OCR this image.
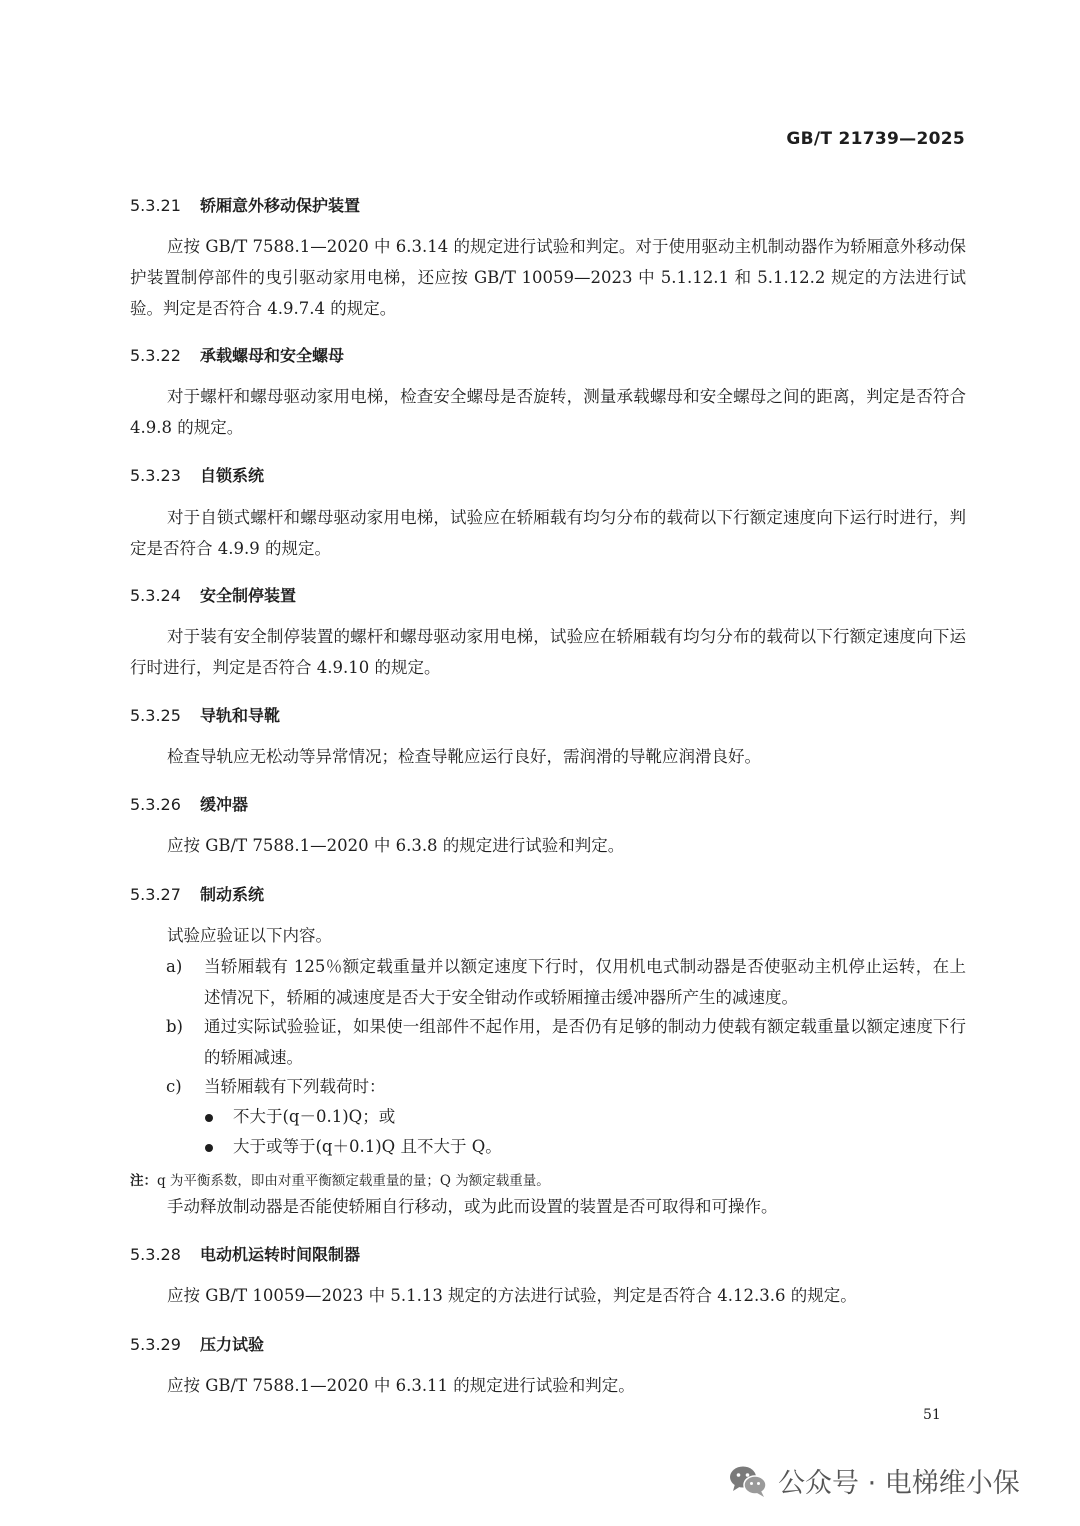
GB/T 21739—2025
5.3.21 轿厢意外移动保护装置
应按 GB/T 7588.1—2020 中 6.3.14 的规定进行试验和判定。对于使用驱动主机制动器作为轿厢意外移动保护装置制停部件的曳引驱动家用电梯，还应按 GB/T 10059—2023 中 5.1.12.1 和 5.1.12.2 规定的方法进行试验。判定是否符合 4.9.7.4 的规定。
5.3.22 承载螺母和安全螺母
对于螺杆和螺母驱动家用电梯，检查安全螺母是否旋转，测量承载螺母和安全螺母之间的距离，判定是否符合 4.9.8 的规定。
5.3.23 自锁系统
对于自锁式螺杆和螺母驱动家用电梯，试验应在轿厢载有均匀分布的载荷以下行额定速度向下运行时进行，判定是否符合 4.9.9 的规定。
5.3.24 安全制停装置
对于装有安全制停装置的螺杆和螺母驱动家用电梯，试验应在轿厢载有均匀分布的载荷以下行额定速度向下运行时进行，判定是否符合 4.9.10 的规定。
5.3.25 导轨和导靴
检查导轨应无松动等异常情况；检查导靴应运行良好，需润滑的导靴应润滑良好。
5.3.26 缓冲器
应按 GB/T 7588.1—2020 中 6.3.8 的规定进行试验和判定。
5.3.27 制动系统
试验应验证以下内容。
a) 当轿厢载有 125％额定载重量并以额定速度下行时，仅用机电式制动器是否使驱动主机停止运转，在上述情况下，轿厢的减速度是否大于安全钳动作或轿厢撞击缓冲器所产生的减速度。
b) 通过实际试验验证，如果使一组部件不起作用，是否仍有足够的制动力使载有额定载重量以额定速度下行的轿厢减速。
c) 当轿厢载有下列载荷时：
不大于(q－0.1)Q；或
大于或等于(q＋0.1)Q 且不大于 Q。
注：q 为平衡系数，即由对重平衡额定载重量的量；Q 为额定载重量。
手动释放制动器是否能使轿厢自行移动，或为此而设置的装置是否可取得和可操作。
5.3.28 电动机运转时间限制器
应按 GB/T 10059—2023 中 5.1.13 规定的方法进行试验，判定是否符合 4.12.3.6 的规定。
5.3.29 压力试验
应按 GB/T 7588.1—2020 中 6.3.11 的规定进行试验和判定。
51
公众号 · 电梯维小保
